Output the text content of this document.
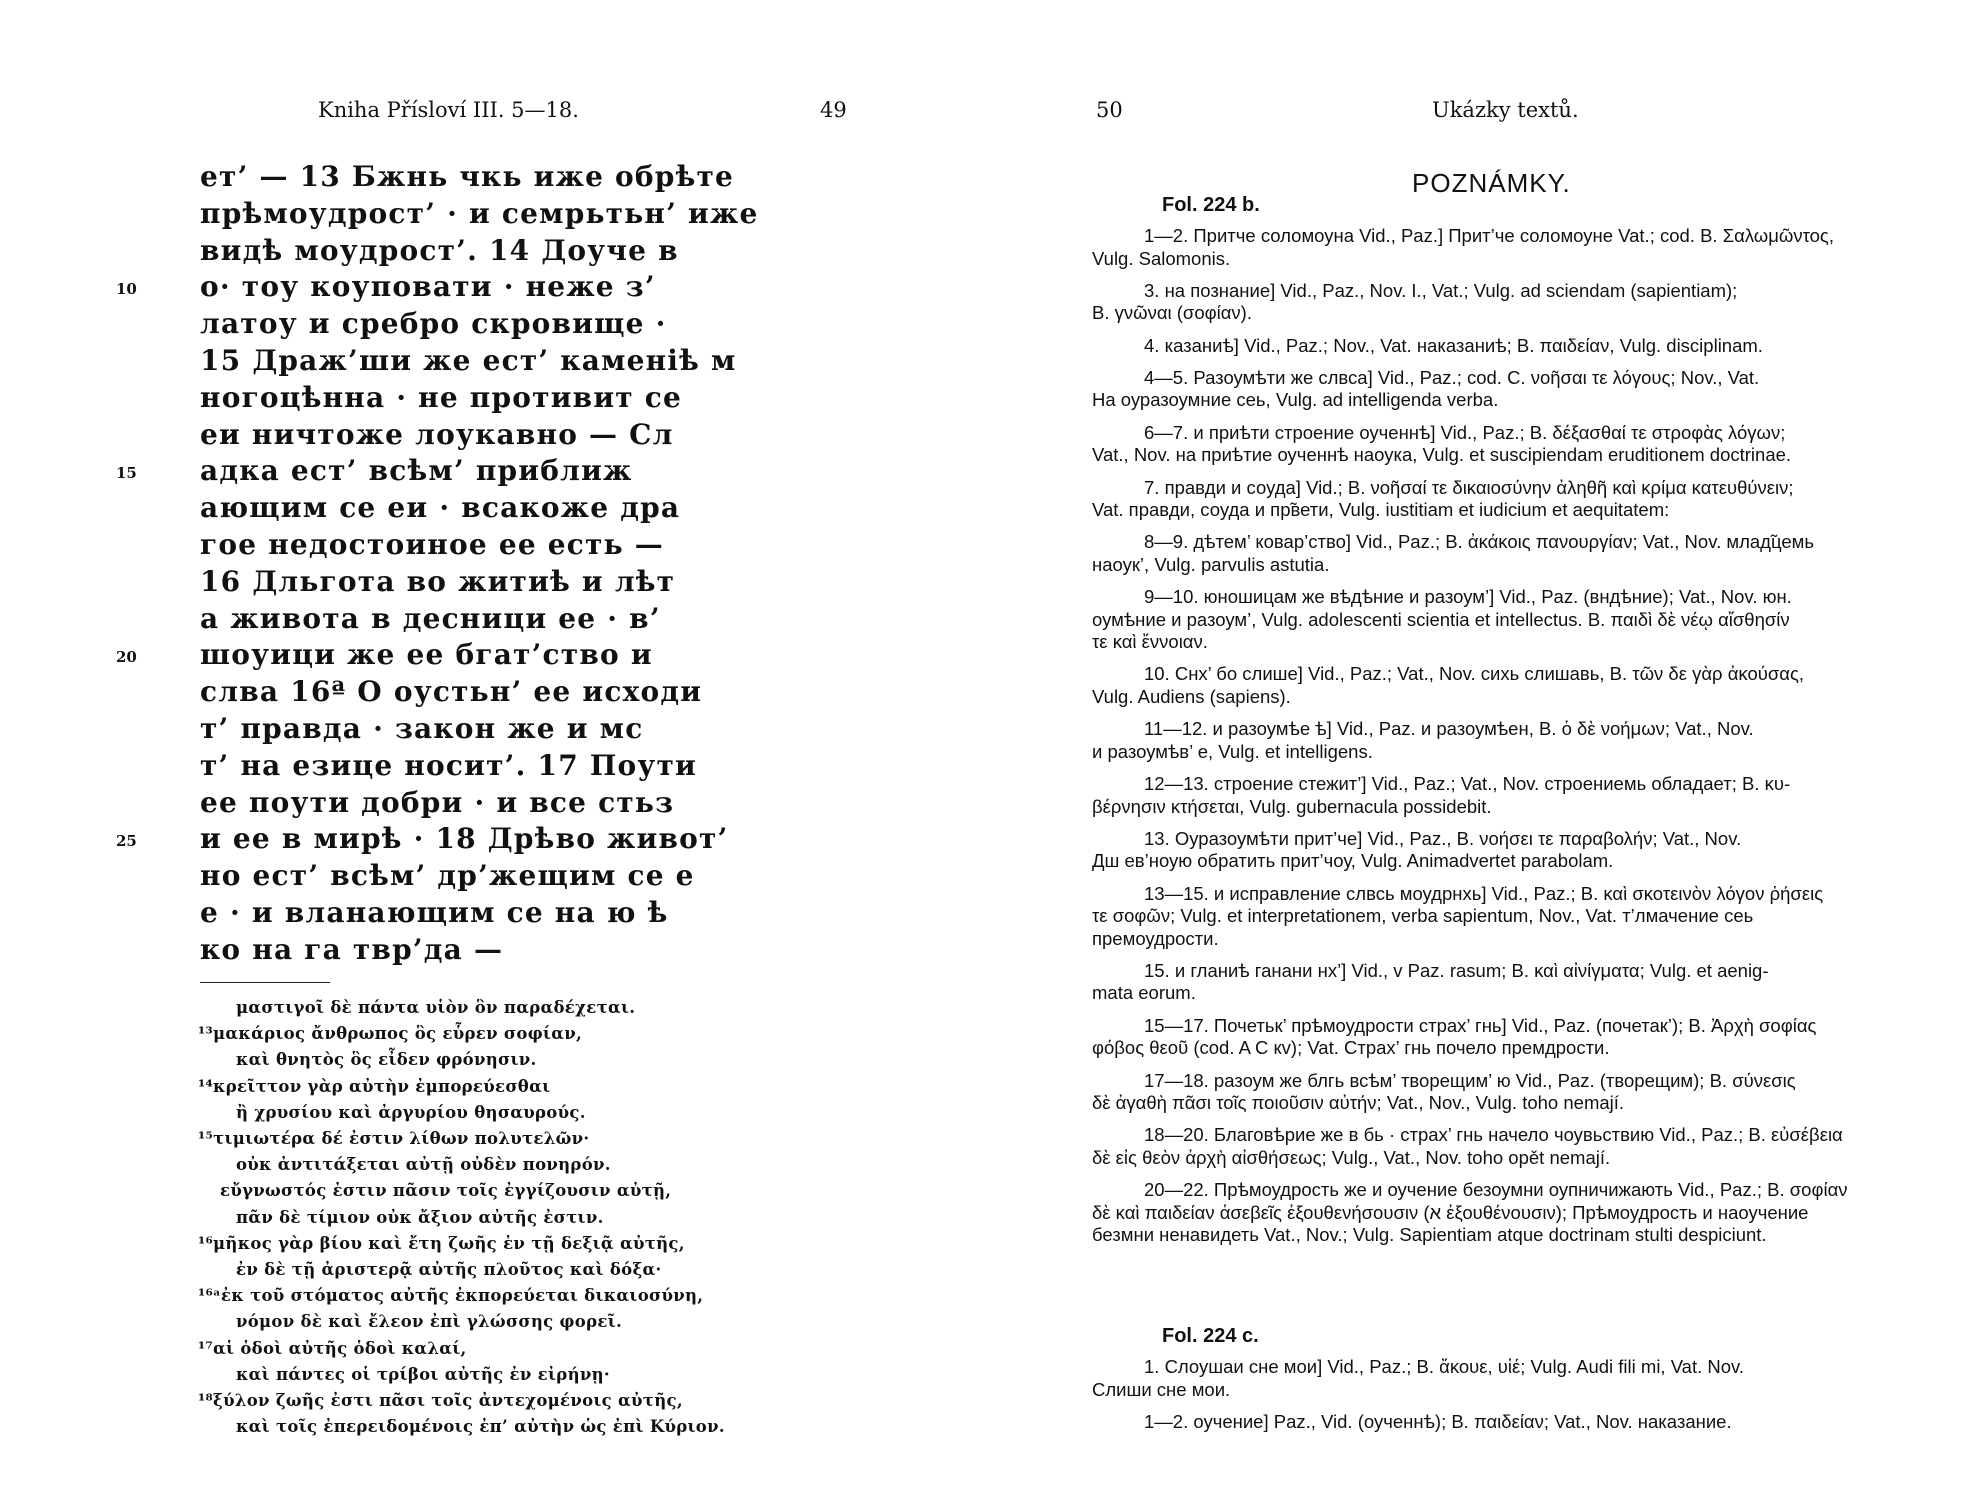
Kniha Přísloví III. 5—18.	49
ет’ — 13 Бжнь чкь иже обрѣте
прѣмоудрост’ · и семрьтьн’ иже
видѣ моудрост’. 14 Доуче в
о· тоу коуповати · неже з’
10
латоу и сребро скровище ·
15 Драж’ши же ест’ каменіѣ м
ногоцѣнна · не противит се
еи ничтоже лоукавно — Сл
адка ест’ всѣм’ приближ
15
ающим се еи · всакоже дра
гое недостоиное ее есть —
16 Дльгота во житиѣ и лѣт
а живота в десници ее · в’
шоуици же ее бгат’ство и
20
слва 16ª О оустьн’ ее исходи
т’ правда · закон же и мс
т’ на езице носит’. 17 Поути
ее поути добри · и все стьз
и ее в мирѣ · 18 Дрѣво живот’
25
но ест’ всѣм’ др’жещим се е
е · и вланающим се на ю ѣ
ко на га твр’да —
μαστιγοῖ δὲ πάντα υἱὸν ὃν παραδέχεται.
¹³μακάριος ἄνθρωπος ὃς εὗρεν σοφίαν,
καὶ θνητὸς ὃς εἶδεν φρόνησιν.
¹⁴κρεῖττον γὰρ αὐτὴν ἐμπορεύεσθαι
ἢ χρυσίου καὶ ἀργυρίου θησαυρούς.
¹⁵τιμιωτέρα δέ ἐστιν λίθων πολυτελῶν·
οὐκ ἀντιτάξεται αὐτῇ οὐδὲν πονηρόν.
εὔγνωστός ἐστιν πᾶσιν τοῖς ἐγγίζουσιν αὐτῇ,
πᾶν δὲ τίμιον οὐκ ἄξιον αὐτῆς ἐστιν.
¹⁶μῆκος γὰρ βίου καὶ ἔτη ζωῆς ἐν τῇ δεξιᾷ αὐτῆς,
ἐν δὲ τῇ ἀριστερᾷ αὐτῆς πλοῦτος καὶ δόξα·
¹⁶ᵃἐκ τοῦ στόματος αὐτῆς ἐκπορεύεται δικαιοσύνη,
νόμον δὲ καὶ ἔλεον ἐπὶ γλώσσης φορεῖ.
¹⁷αἱ ὁδοὶ αὐτῆς ὁδοὶ καλαί,
καὶ πάντες οἱ τρίβοι αὐτῆς ἐν εἰρήνῃ·
¹⁸ξύλον ζωῆς ἐστι πᾶσι τοῖς ἀντεχομένοις αὐτῆς,
καὶ τοῖς ἐπερειδομένοις ἐπ’ αὐτὴν ὡς ἐπὶ Κύριον.
50	Ukázky textů.
POZNÁMKY.
Fol. 224 b.
1—2. Притче соломоуна Vid., Paz.] Прит’че соломоуне Vat.; cod. B. Σαλωμῶντος,
Vulg. Salomonis.
3. на познание] Vid., Paz., Nov. I., Vat.; Vulg. ad sciendam (sapientiam);
B. γνῶναι (σοφίαν).
4. казаниѣ] Vid., Paz.; Nov., Vat. наказаниѣ; B. παιδείαν, Vulg. disciplinam.
4—5. Разоумѣти же слвса] Vid., Paz.; cod. C. νοῆσαι τε λόγους; Nov., Vat.
На оуразоумние сеь, Vulg. ad intelligenda verba.
6—7. и приѣти строение оученнѣ] Vid., Paz.; B. δέξασθαί τε στροφὰς λόγων;
Vat., Nov. на приѣтие оученнѣ наоука, Vulg. et suscipiendam eruditionem doctrinae.
7. правди и соуда] Vid.; B. νοῆσαί τε δικαιοσύνην ἀληθῆ καὶ κρίμα κατευθύνειν;
Vat. правди, соуда и пр̃вети, Vulg. iustitiam et iudicium et aequitatem:
8—9. дѣтем’ ковар’ство] Vid., Paz.; B. ἀκάκοις πανουργίαν; Vat., Nov. млад̃цемь
наоук’, Vulg. parvulis astutia.
9—10. юношицам же вѣдѣние и разоум’] Vid., Paz. (вндѣние); Vat., Nov. юн.
оумѣние и разоум’, Vulg. adolescenti scientia et intellectus. B. παιδὶ δὲ νέῳ αἴσθησίν
τε καὶ ἔννοιαν.
10. Снх’ бо слише] Vid., Paz.; Vat., Nov. сихь слишавь, B. τῶν δε γὰρ ἀκούσας,
Vulg. Audiens (sapiens).
11—12. и разоумѣе ѣ] Vid., Paz. и разоумѣен, B. ὁ δὲ νοήμων; Vat., Nov.
и разоумѣв’ е, Vulg. et intelligens.
12—13. строение стежит’] Vid., Paz.; Vat., Nov. строениемь обладает; B. κυ-
βέρνησιν κτήσεται, Vulg. gubernacula possidebit.
13. Оуразоумѣти прит’че] Vid., Paz., B. νοήσει τε παραβολήν; Vat., Nov.
Дш ев’ноую обратить прит’чоу, Vulg. Animadvertet parabolam.
13—15. и исправление слвсь моудрнхь] Vid., Paz.; B. καὶ σκοτεινὸν λόγον ῥήσεις
τε σοφῶν; Vulg. et interpretationem, verba sapientum, Nov., Vat. т’лмачение сеь
премоудрости.
15. и гланиѣ ганани нх’] Vid., v Paz. rasum; B. καὶ αἰνίγματα; Vulg. et aenig-
mata eorum.
15—17. Почетьк’ прѣмоудрости страх’ гнь] Vid., Paz. (почетак’); B. Ἀρχὴ σοφίας
φόβος θεοῦ (cod. A C кv); Vat. Страх’ гнь почело премдрости.
17—18. разоум же блгь всѣм’ творещим’ ю Vid., Paz. (творещим); B. σύνεσις
δὲ ἀγαθὴ πᾶσι τοῖς ποιοῦσιν αὐτήν; Vat., Nov., Vulg. toho nemají.
18—20. Благовѣрие же в бь · страх’ гнь начело чоувьствию Vid., Paz.; B. εὐσέβεια
δὲ εἰς θεὸν ἀρχὴ αἰσθήσεως; Vulg., Vat., Nov. toho opět nemají.
20—22. Прѣмоудрость же и оучение безоумни оупничижають Vid., Paz.; B. σοφίαν
δὲ καὶ παιδείαν ἀσεβεῖς ἐξουθενήσουσιν (א ἐξουθένουσιν); Прѣмоудрость и наоучение
безмни ненавидеть Vat., Nov.; Vulg. Sapientiam atque doctrinam stulti despiciunt.
Fol. 224 c.
1. Слоушаи сне мои] Vid., Paz.; B. ἄκουε, υἱέ; Vulg. Audi fili mi, Vat. Nov.
Слиши сне мои.
1—2. оучение] Paz., Vid. (оученнѣ); B. παιδείαν; Vat., Nov. наказание.
